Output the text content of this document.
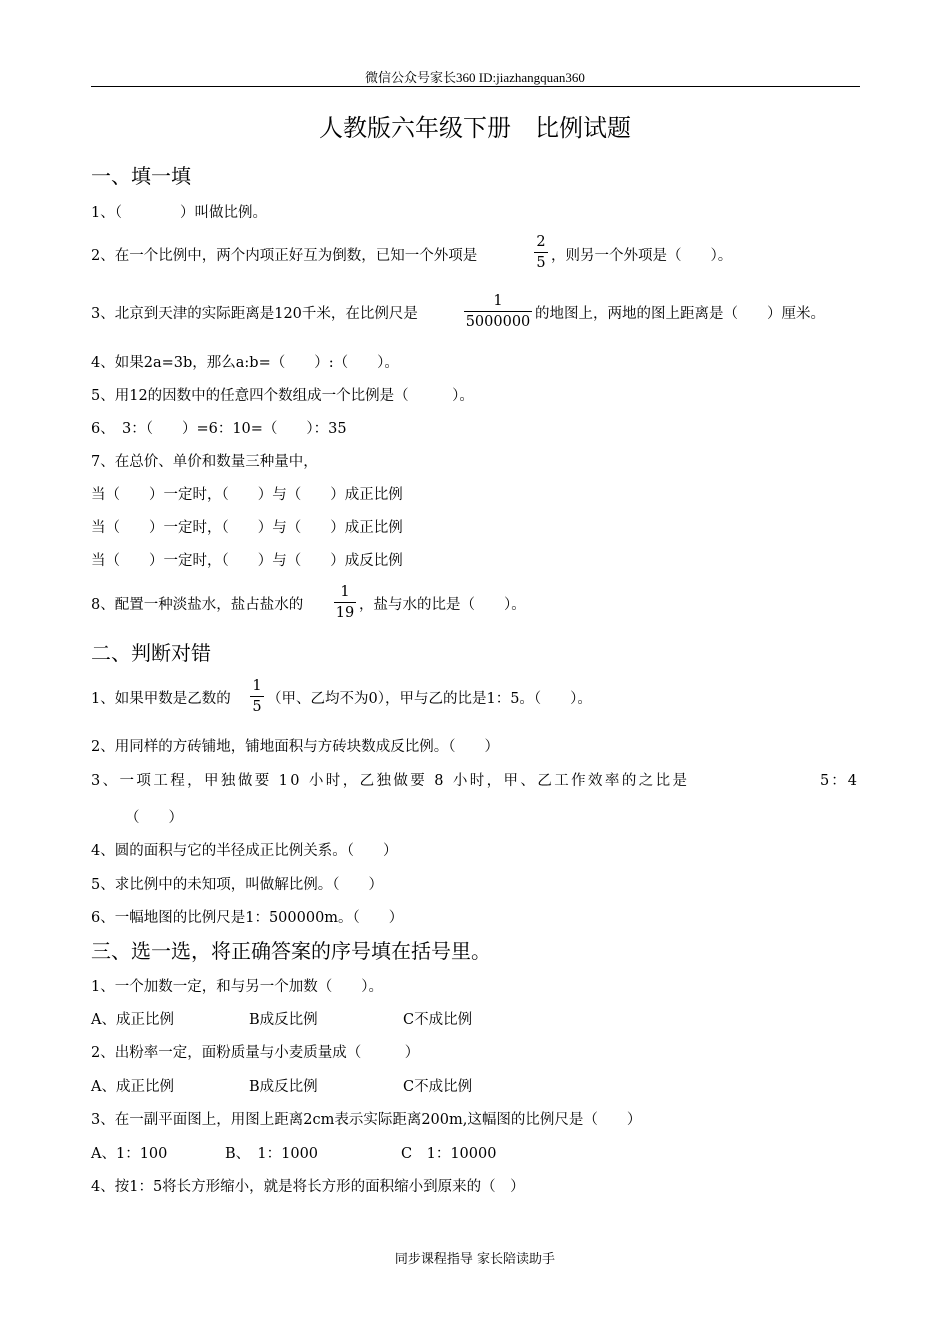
微信公众号家长360 ID:jiazhangquan360
人教版六年级下册　比例试题
一、填一填
1、（　　　　）叫做比例。
2、在一个比例中，两个内项正好互为倒数，已知一个外项是
2
5 ，则另一个外项是（　　）。
3、北京到天津的实际距离是120千米，在比例尺是
1
5000000 的地图上，两地的图上距离是（　　）厘米。
4、如果2a=3b，那么a:b=（　　）:（　　）。
5、用12的因数中的任意四个数组成一个比例是（　　　）。
6、　3：（　　）=6：10=（　　）：35
7、在总价、单价和数量三种量中，
当（　　）一定时，（　　）与（　　）成正比例
当（　　）一定时，（　　）与（　　）成正比例
当（　　）一定时，（　　）与（　　）成反比例
8、配置一种淡盐水，盐占盐水的
1
19 ，盐与水的比是（　　）。
二、判断对错
1、如果甲数是乙数的
1
5 （甲、乙均不为0），甲与乙的比是1：5。（　　）。
2、用同样的方砖铺地，铺地面积与方砖块数成反比例。（　　）
3、一项工程，甲独做要 10 小时，乙独做要 8 小时，甲、乙工作效率的之比是	5：4
（　　）
4、圆的面积与它的半径成正比例关系。（　　）
5、求比例中的未知项，叫做解比例。（　　）
6、一幅地图的比例尺是1：500000m。（　　）
三、选一选，将正确答案的序号填在括号里。
1、一个加数一定，和与另一个加数（　　）。
A、成正比例	B成反比例	C不成比例
2、出粉率一定，面粉质量与小麦质量成（　　　）
A、成正比例	B成反比例	C不成比例
3、在一副平面图上，用图上距离2cm表示实际距离200m,这幅图的比例尺是（　　）
A、1：100	B、　1：1000	C　1：10000
4、按1：5将长方形缩小，就是将长方形的面积缩小到原来的（　）
同步课程指导 家长陪读助手
